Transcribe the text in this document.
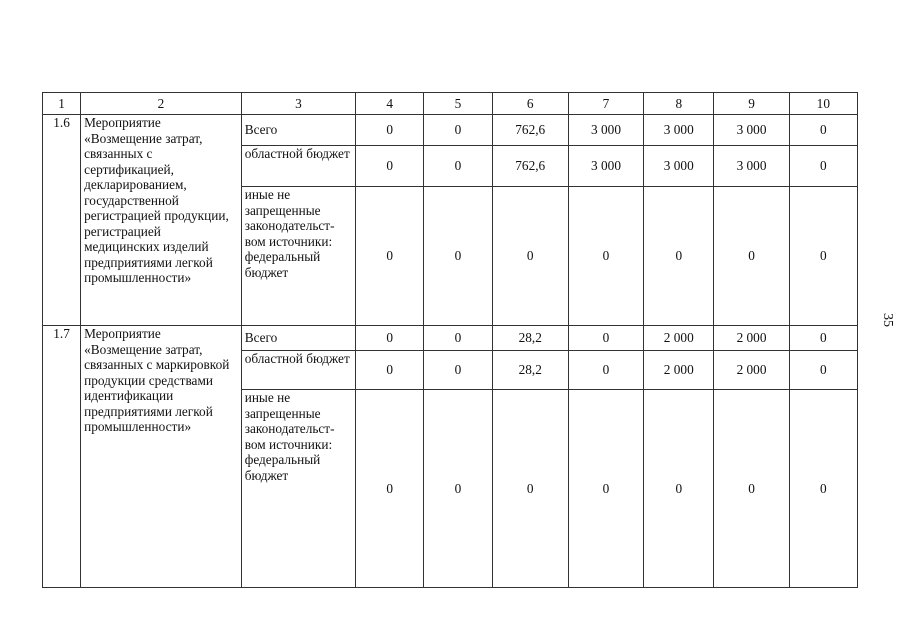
35
1	2	3	4	5	6	7	8	9	10
1.6	Мероприятие «Возмещение затрат, связанных с сертификацией, декларированием, государственной регистрацией продукции, регистрацией медицинских изделий предприятиями легкой промышленности»	Всего	0	0	762,6	3 000	3 000	3 000	0
		областной бюджет	0	0	762,6	3 000	3 000	3 000	0
		иные не запрещенные законодательст-вом источники: федеральный бюджет	0	0	0	0	0	0	0
1.7	Мероприятие «Возмещение затрат, связанных с маркировкой продукции средствами идентификации предприятиями легкой промышленности»	Всего	0	0	28,2	0	2 000	2 000	0
		областной бюджет	0	0	28,2	0	2 000	2 000	0
		иные не запрещенные законодательст-вом источники: федеральный бюджет	0	0	0	0	0	0	0
